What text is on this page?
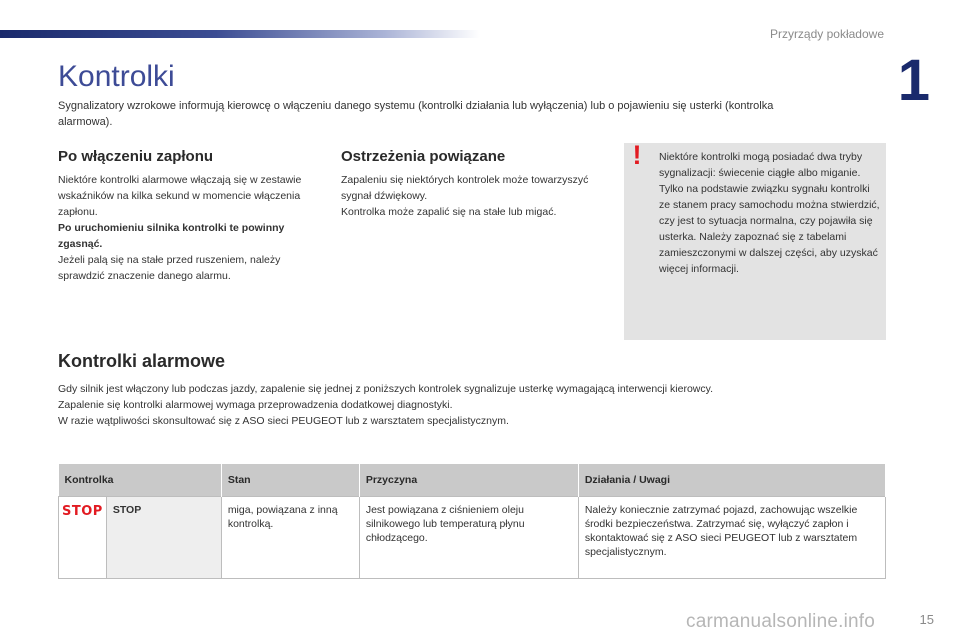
Przyrządy pokładowe
1
Kontrolki

Sygnalizatory wzrokowe informują kierowcę o włączeniu danego systemu (kontrolki działania lub wyłączenia) lub o pojawieniu się usterki (kontrolka alarmowa).

Po włączeniu zapłonu
Niektóre kontrolki alarmowe włączają się w zestawie wskaźników na kilka sekund w momencie włączenia zapłonu.
Po uruchomieniu silnika kontrolki te powinny zgasnąć.
Jeżeli palą się na stałe przed ruszeniem, należy sprawdzić znaczenie danego alarmu.
Ostrzeżenia powiązane
Zapaleniu się niektórych kontrolek może towarzyszyć sygnał dźwiękowy.
Kontrolka może zapalić się na stałe lub migać.
! Niektóre kontrolki mogą posiadać dwa tryby sygnalizacji: świecenie ciągłe albo miganie. Tylko na podstawie związku sygnału kontrolki ze stanem pracy samochodu można stwierdzić, czy jest to sytuacja normalna, czy pojawiła się usterka. Należy zapoznać się z tabelami zamieszczonymi w dalszej części, aby uzyskać więcej informacji.
Kontrolki alarmowe
Gdy silnik jest włączony lub podczas jazdy, zapalenie się jednej z poniższych kontrolek sygnalizuje usterkę wymagającą interwencji kierowcy.
Zapalenie się kontrolki alarmowej wymaga przeprowadzenia dodatkowej diagnostyki.
W razie wątpliwości skonsultować się z ASO sieci PEUGEOT lub z warsztatem specjalistycznym.
Kontrolka		Stan	Przyczyna	Działania / Uwagi
STOP	STOP	miga, powiązana z inną kontrolką.	Jest powiązana z ciśnieniem oleju silnikowego lub temperaturą płynu chłodzącego.	Należy koniecznie zatrzymać pojazd, zachowując wszelkie środki bezpieczeństwa. Zatrzymać się, wyłączyć zapłon i skontaktować się z ASO sieci PEUGEOT lub z warsztatem specjalistycznym.
carmanualsonline.info	15
